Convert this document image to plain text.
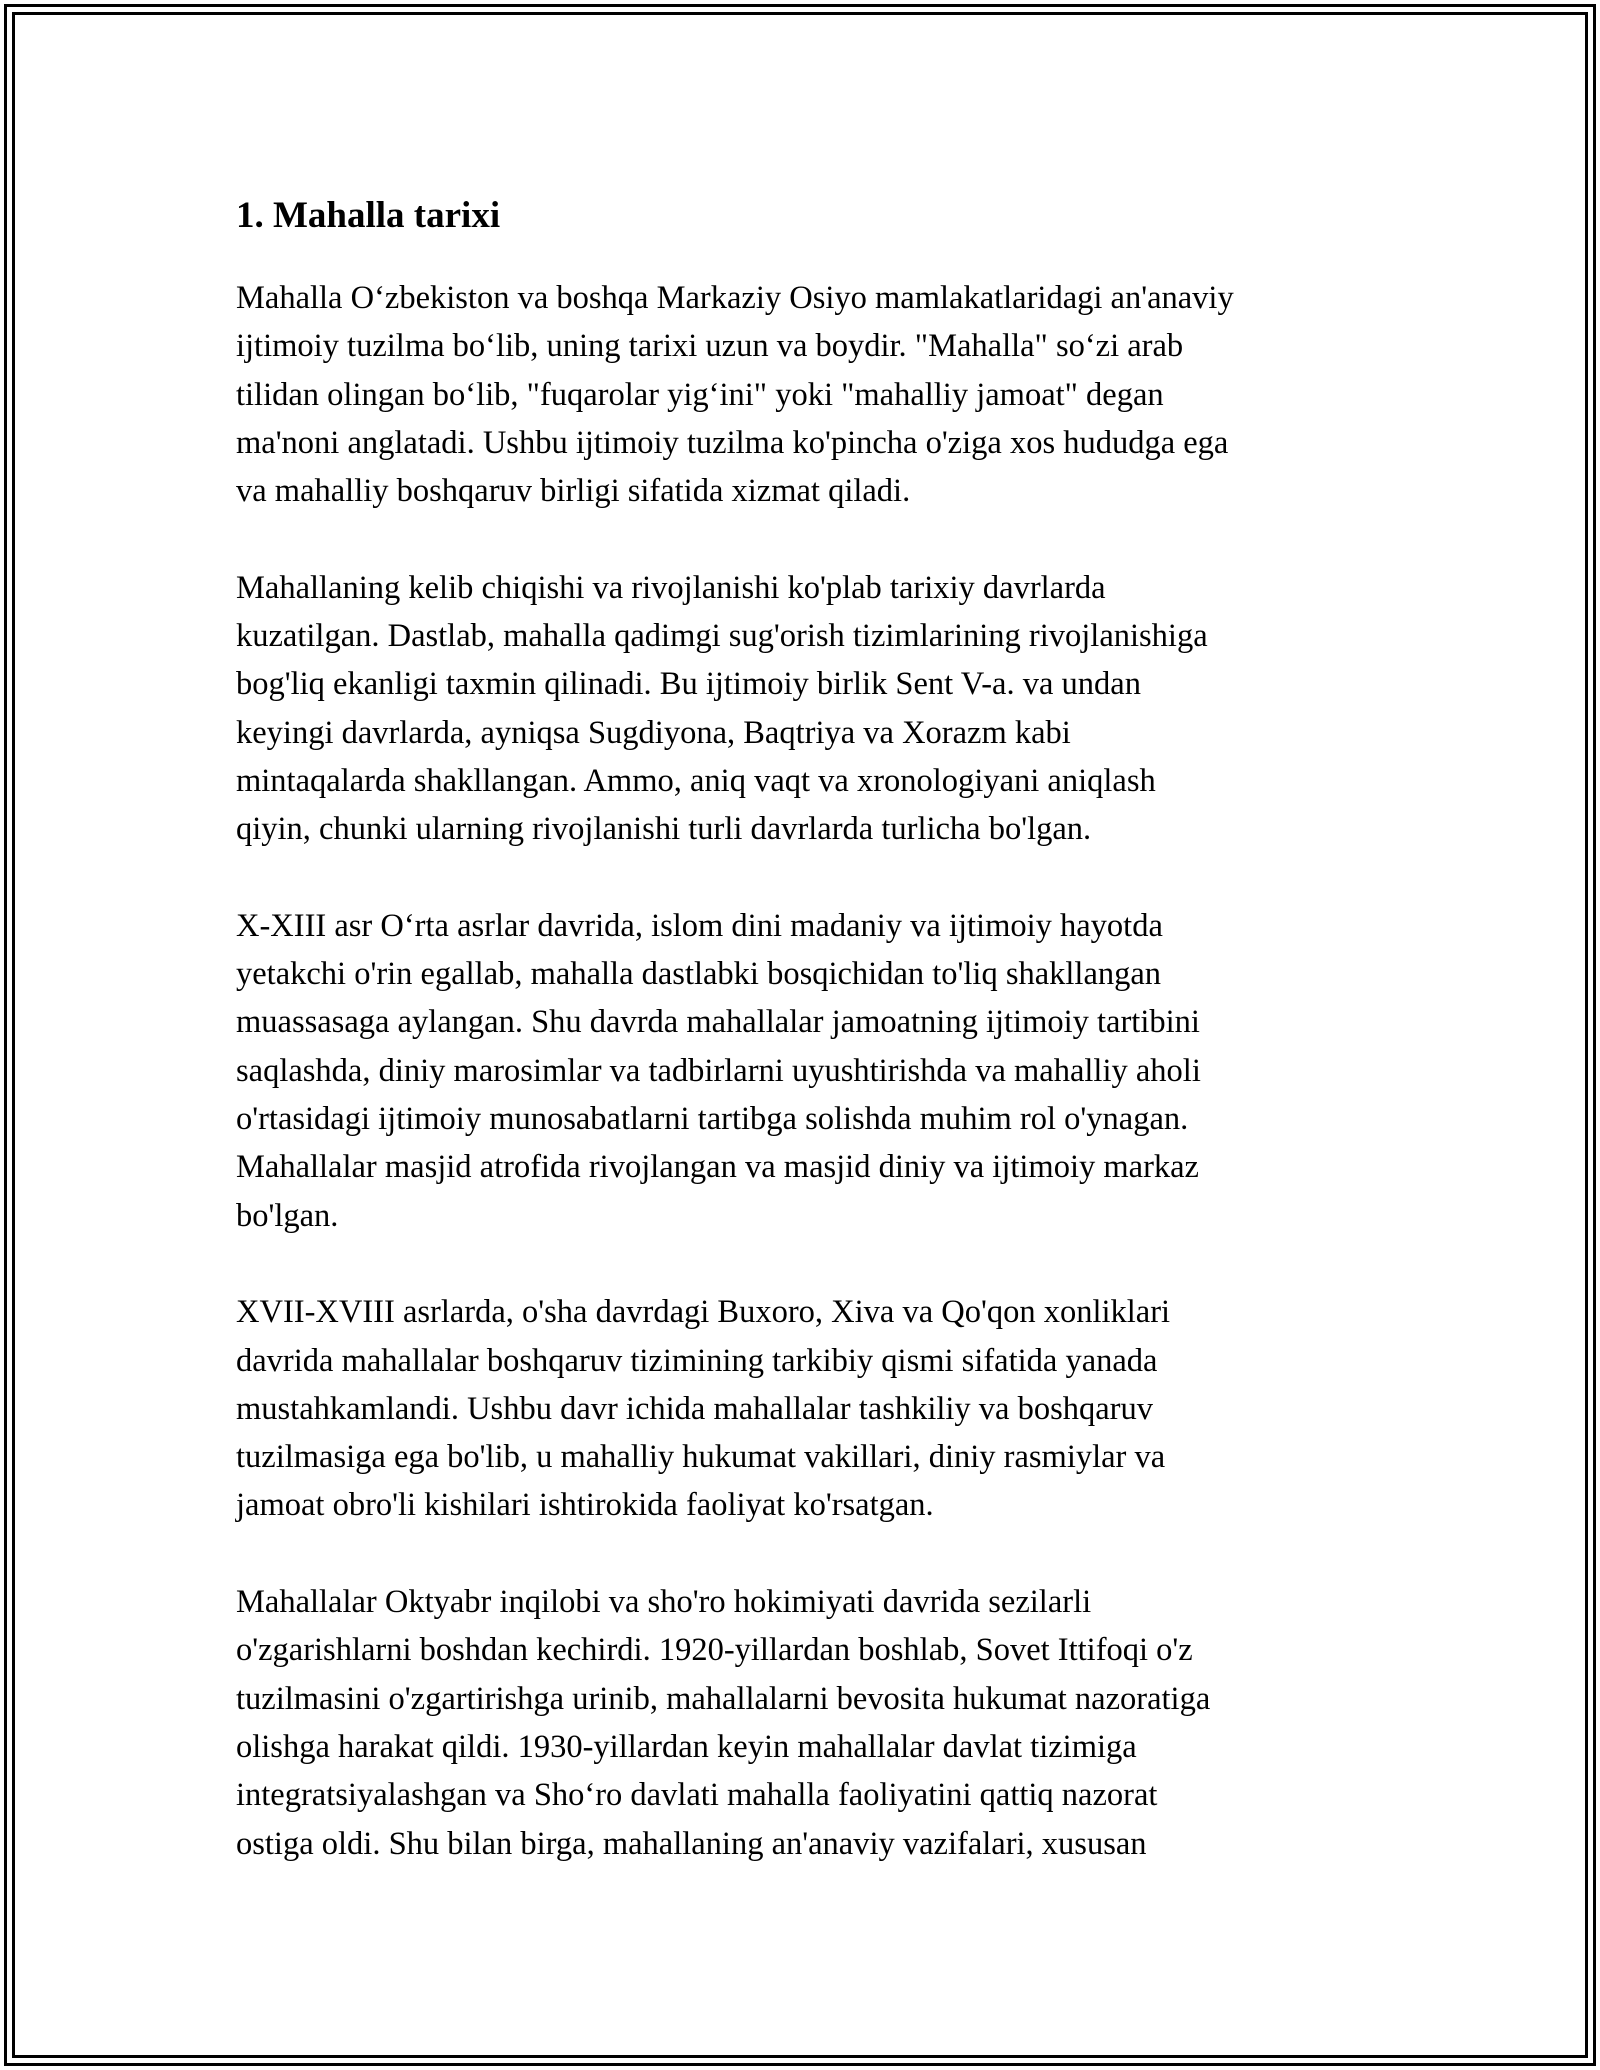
1. Mahalla tarixi
Mahalla O‘zbekiston va boshqa Markaziy Osiyo mamlakatlaridagi an'anaviy
ijtimoiy tuzilma bo‘lib, uning tarixi uzun va boydir. "Mahalla" so‘zi arab
tilidan olingan bo‘lib, "fuqarolar yig‘ini" yoki "mahalliy jamoat" degan
ma'noni anglatadi. Ushbu ijtimoiy tuzilma ko'pincha o'ziga xos hududga ega
va mahalliy boshqaruv birligi sifatida xizmat qiladi.
Mahallaning kelib chiqishi va rivojlanishi ko'plab tarixiy davrlarda
kuzatilgan. Dastlab, mahalla qadimgi sug'orish tizimlarining rivojlanishiga
bog'liq ekanligi taxmin qilinadi. Bu ijtimoiy birlik Sent V-a. va undan
keyingi davrlarda, ayniqsa Sugdiyona, Baqtriya va Xorazm kabi
mintaqalarda shakllangan. Ammo, aniq vaqt va xronologiyani aniqlash
qiyin, chunki ularning rivojlanishi turli davrlarda turlicha bo'lgan.
X-XIII asr O‘rta asrlar davrida, islom dini madaniy va ijtimoiy hayotda
yetakchi o'rin egallab, mahalla dastlabki bosqichidan to'liq shakllangan
muassasaga aylangan. Shu davrda mahallalar jamoatning ijtimoiy tartibini
saqlashda, diniy marosimlar va tadbirlarni uyushtirishda va mahalliy aholi
o'rtasidagi ijtimoiy munosabatlarni tartibga solishda muhim rol o'ynagan.
Mahallalar masjid atrofida rivojlangan va masjid diniy va ijtimoiy markaz
bo'lgan.
XVII-XVIII asrlarda, o'sha davrdagi Buxoro, Xiva va Qo'qon xonliklari
davrida mahallalar boshqaruv tizimining tarkibiy qismi sifatida yanada
mustahkamlandi. Ushbu davr ichida mahallalar tashkiliy va boshqaruv
tuzilmasiga ega bo'lib, u mahalliy hukumat vakillari, diniy rasmiylar va
jamoat obro'li kishilari ishtirokida faoliyat ko'rsatgan.
Mahallalar Oktyabr inqilobi va sho'ro hokimiyati davrida sezilarli
o'zgarishlarni boshdan kechirdi. 1920-yillardan boshlab, Sovet Ittifoqi o'z
tuzilmasini o'zgartirishga urinib, mahallalarni bevosita hukumat nazoratiga
olishga harakat qildi. 1930-yillardan keyin mahallalar davlat tizimiga
integratsiyalashgan va Sho‘ro davlati mahalla faoliyatini qattiq nazorat
ostiga oldi. Shu bilan birga, mahallaning an'anaviy vazifalari, xususan
